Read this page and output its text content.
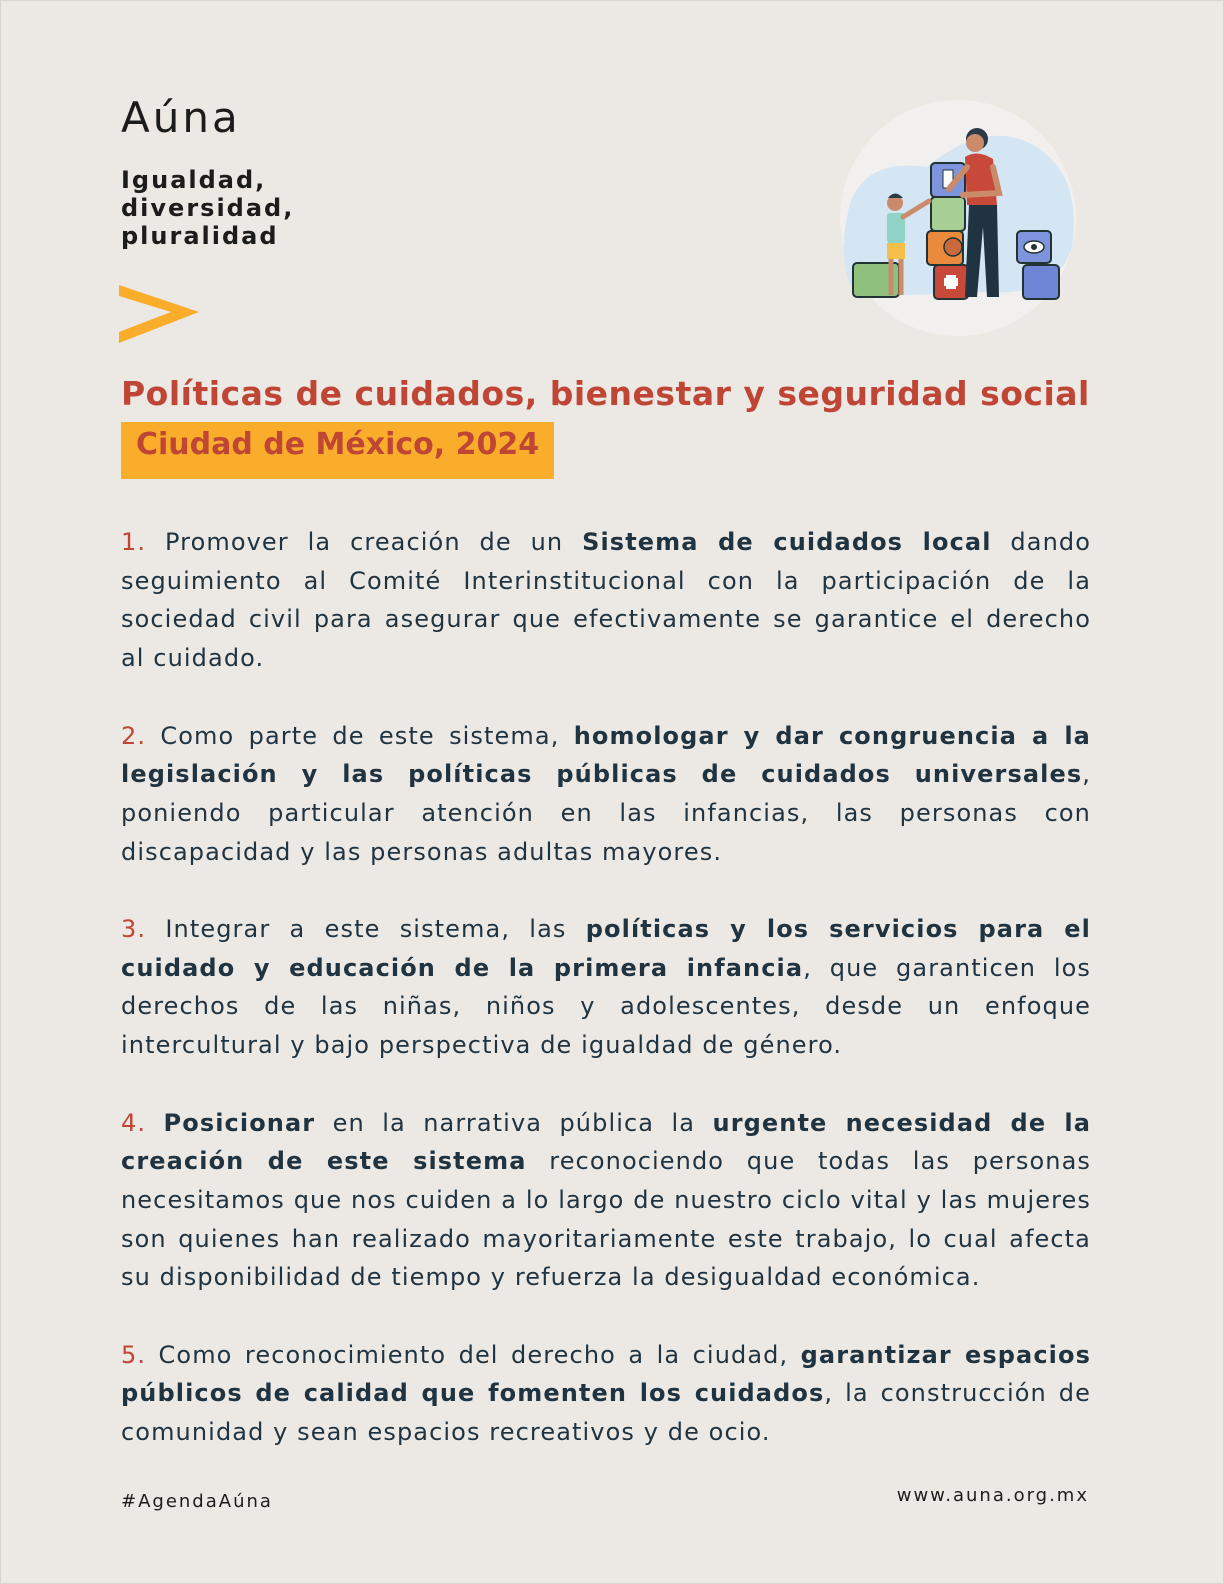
Aúna
Igualdad,
diversidad,
pluralidad
Políticas de cuidados, bienestar y seguridad social
Ciudad de México, 2024

1. Promover la creación de un Sistema de cuidados local dando seguimiento al Comité Interinstitucional con la participación de la sociedad civil para asegurar que efectivamente se garantice el derecho al cuidado.

2. Como parte de este sistema, homologar y dar congruencia a la legislación y las políticas públicas de cuidados universales, poniendo particular atención en las infancias, las personas con discapacidad y las personas adultas mayores.

3. Integrar a este sistema, las políticas y los servicios para el cuidado y educación de la primera infancia, que garanticen los derechos de las niñas, niños y adolescentes, desde un enfoque intercultural y bajo perspectiva de igualdad de género.

4. Posicionar en la narrativa pública la urgente necesidad de la creación de este sistema reconociendo que todas las personas necesitamos que nos cuiden a lo largo de nuestro ciclo vital y las mujeres son quienes han realizado mayoritariamente este trabajo, lo cual afecta su disponibilidad de tiempo y refuerza la desigualdad económica.

5. Como reconocimiento del derecho a la ciudad, garantizar espacios públicos de calidad que fomenten los cuidados, la construcción de comunidad y sean espacios recreativos y de ocio.

#AgendaAúna	www.auna.org.mx
